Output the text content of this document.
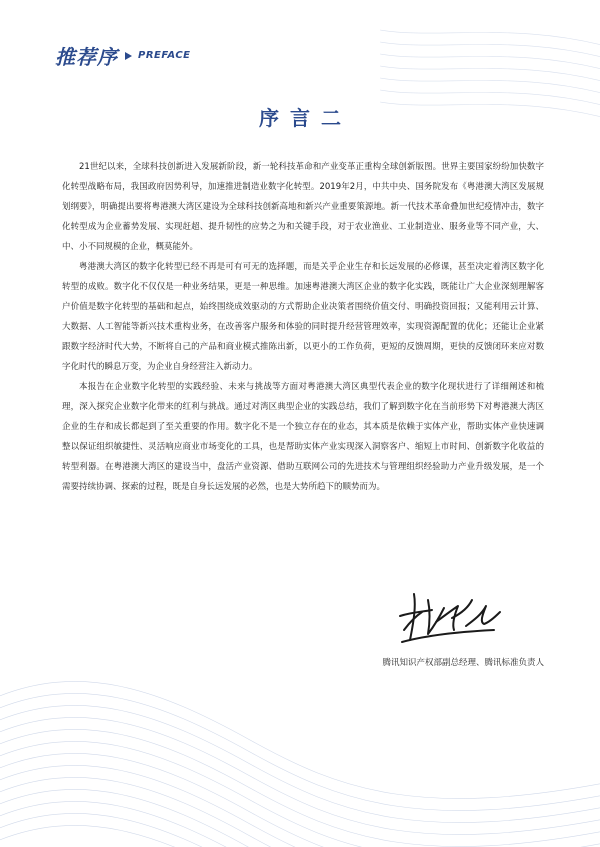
推荐序 PREFACE
序言二

21世纪以来，全球科技创新进入发展新阶段，新一轮科技革命和产业变革正重构全球创新版图。世界主要国家纷纷加快数字化转型战略布局，我国政府因势利导，加速推进制造业数字化转型。2019年2月，中共中央、国务院发布《粤港澳大湾区发展规划纲要》，明确提出要将粤港澳大湾区建设为全球科技创新高地和新兴产业重要策源地。新一代技术革命叠加世纪疫情冲击，数字化转型成为企业蓄势发展、实现赶超、提升韧性的应势之为和关键手段，对于农业渔业、工业制造业、服务业等不同产业，大、中、小不同规模的企业，概莫能外。

粤港澳大湾区的数字化转型已经不再是可有可无的选择题，而是关乎企业生存和长远发展的必修课，甚至决定着湾区数字化转型的成败。数字化不仅仅是一种业务结果，更是一种思维。加速粤港澳大湾区企业的数字化实践，既能让广大企业深刻理解客户价值是数字化转型的基础和起点，始终围绕成效驱动的方式帮助企业决策者围绕价值交付、明确投资回报；又能利用云计算、大数据、人工智能等新兴技术重构业务，在改善客户服务和体验的同时提升经营管理效率，实现资源配置的优化；还能让企业紧跟数字经济时代大势，不断将自己的产品和商业模式推陈出新，以更小的工作负荷，更短的反馈周期，更快的反馈闭环来应对数字化时代的瞬息万变，为企业自身经营注入新动力。

本报告在企业数字化转型的实践经验、未来与挑战等方面对粤港澳大湾区典型代表企业的数字化现状进行了详细阐述和梳理，深入探究企业数字化带来的红利与挑战。通过对湾区典型企业的实践总结，我们了解到数字化在当前形势下对粤港澳大湾区企业的生存和成长都起到了至关重要的作用。数字化不是一个独立存在的业态，其本质是依赖于实体产业，帮助实体产业快速调整以保证组织敏捷性、灵活响应商业市场变化的工具，也是帮助实体产业实现深入洞察客户、缩短上市时间、创新数字化收益的转型利器。在粤港澳大湾区的建设当中，盘活产业资源、借助互联网公司的先进技术与管理组织经验助力产业升级发展，是一个需要持续协调、探索的过程，既是自身长远发展的必然，也是大势所趋下的顺势而为。

腾讯知识产权部副总经理、腾讯标准负责人
